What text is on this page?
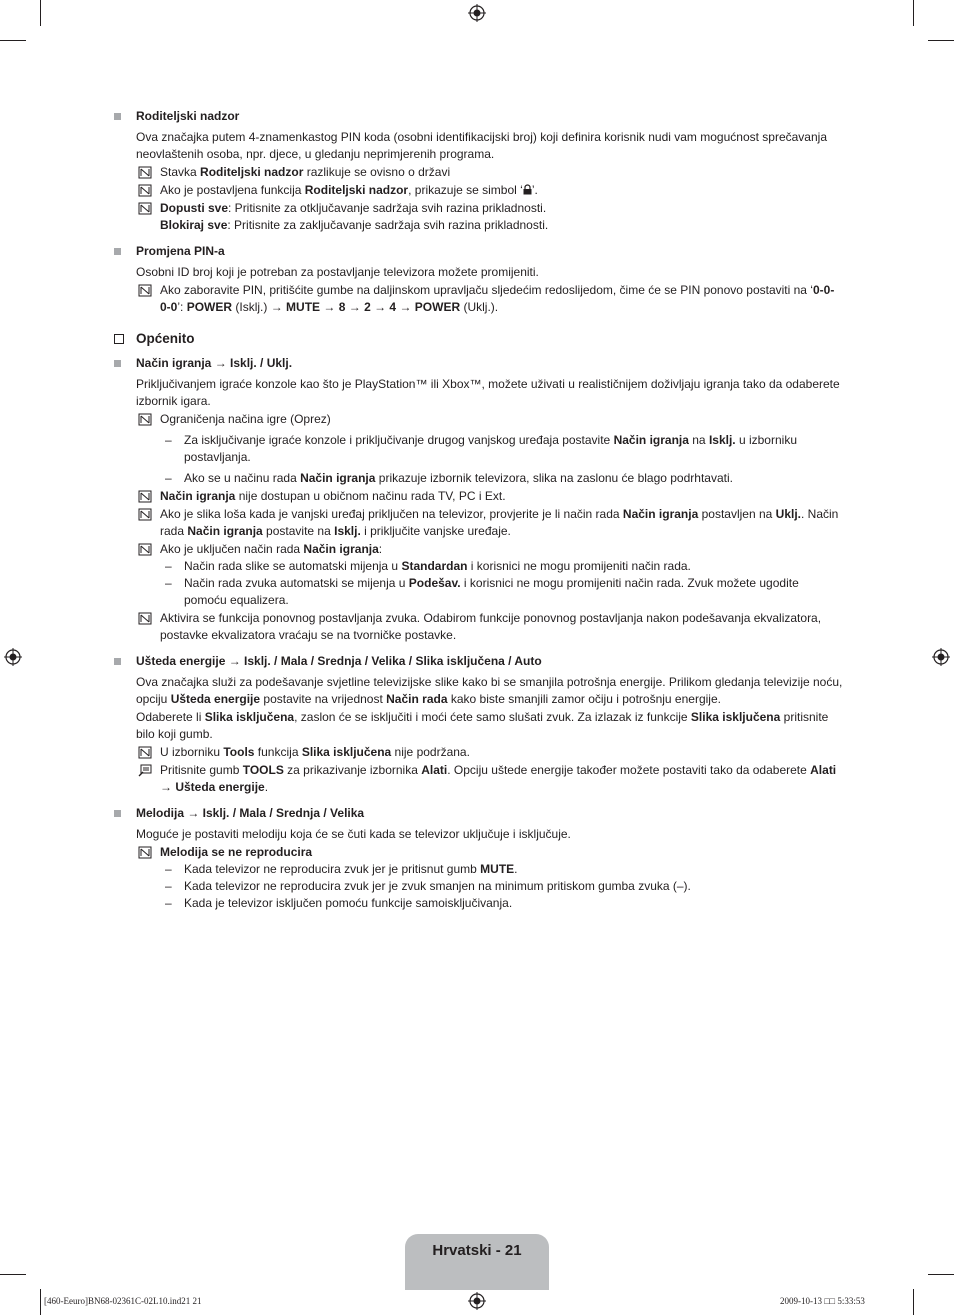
Roditeljski nadzor
Ova značajka putem 4-znamenkastog PIN koda (osobni identifikacijski broj) koji definira korisnik nudi vam mogućnost sprečavanja neovlaštenih osoba, npr. djece, u gledanju neprimjerenih programa.
Stavka Roditeljski nadzor razlikuje se ovisno o državi
Ako je postavljena funkcija Roditeljski nadzor, prikazuje se simbol ‘ ’.
Dopusti sve: Pritisnite za otključavanje sadržaja svih razina prikladnosti.
Blokiraj sve: Pritisnite za zaključavanje sadržaja svih razina prikladnosti.
Promjena PIN-a
Osobni ID broj koji je potreban za postavljanje televizora možete promijeniti.
Ako zaboravite PIN, pritišćite gumbe na daljinskom upravljaču sljedećim redoslijedom, čime će se PIN ponovo postaviti na ‘0-0-0-0’: POWER (Isklj.) → MUTE → 8 → 2 → 4 → POWER (Uklj.).
Općenito
Način igranja → Isklj. / Uklj.
Priključivanjem igraće konzole kao što je PlayStation™ ili Xbox™, možete uživati u realističnijem doživljaju igranja tako da odaberete izbornik igara.
Ograničenja načina igre (Oprez)
– Za isključivanje igraće konzole i priključivanje drugog vanjskog uređaja postavite Način igranja na Isklj. u izborniku postavljanja.
– Ako se u načinu rada Način igranja prikazuje izbornik televizora, slika na zaslonu će blago podrhtavati.
Način igranja nije dostupan u običnom načinu rada TV, PC i Ext.
Ako je slika loša kada je vanjski uređaj priključen na televizor, provjerite je li način rada Način igranja postavljen na Uklj.. Način rada Način igranja postavite na Isklj. i priključite vanjske uređaje.
Ako je uključen način rada Način igranja:
– Način rada slike se automatski mijenja u Standardan i korisnici ne mogu promijeniti način rada.
– Način rada zvuka automatski se mijenja u Podešav. i korisnici ne mogu promijeniti način rada. Zvuk možete ugodite pomoću equalizera.
Aktivira se funkcija ponovnog postavljanja zvuka. Odabirom funkcije ponovnog postavljanja nakon podešavanja ekvalizatora, postavke ekvalizatora vraćaju se na tvorničke postavke.
Ušteda energije → Isklj. / Mala / Srednja / Velika / Slika isključena / Auto
Ova značajka služi za podešavanje svjetline televizijske slike kako bi se smanjila potrošnja energije. Prilikom gledanja televizije noću, opciju Ušteda energije postavite na vrijednost Način rada kako biste smanjili zamor očiju i potrošnju energije.
Odaberete li Slika isključena, zaslon će se isključiti i moći ćete samo slušati zvuk. Za izlazak iz funkcije Slika isključena pritisnite bilo koji gumb.
U izborniku Tools funkcija Slika isključena nije podržana.
Pritisnite gumb TOOLS za prikazivanje izbornika Alati. Opciju uštede energije također možete postaviti tako da odaberete Alati → Ušteda energije.
Melodija → Isklj. / Mala / Srednja / Velika
Moguće je postaviti melodiju koja će se čuti kada se televizor uključuje i isključuje.
Melodija se ne reproducira
– Kada televizor ne reproducira zvuk jer je pritisnut gumb MUTE.
– Kada televizor ne reproducira zvuk jer je zvuk smanjen na minimum pritiskom gumba zvuka (–).
– Kada je televizor isključen pomoću funkcije samoisključivanja.
Hrvatski - 21
[460-Eeuro]BN68-02361C-02L10.ind21 21	2009-10-13 □□ 5:33:53
